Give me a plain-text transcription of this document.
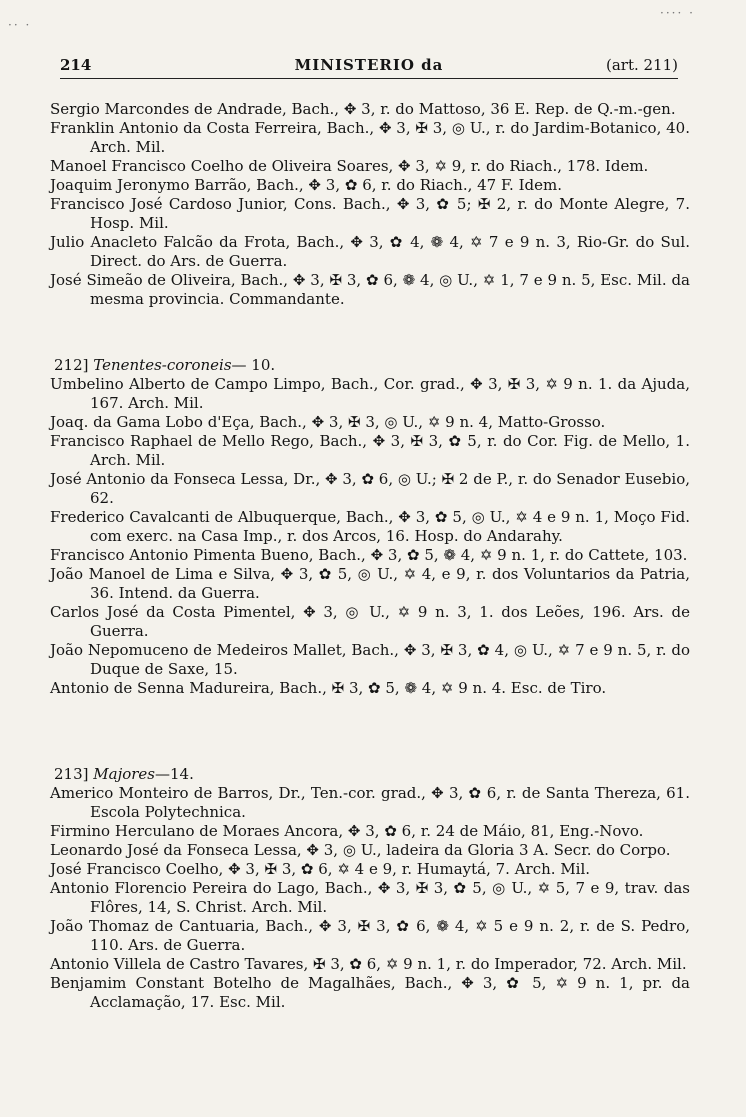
·· ·
···· ·
214	MINISTERIO da	(art. 211)

Sergio Marcondes de Andrade, Bach., ✥ 3, r. do Mattoso, 36 E. Rep. de Q.-m.-gen.

Franklin Antonio da Costa Ferreira, Bach., ✥ 3, ✠ 3, ◎ U., r. do Jardim-Botanico, 40. Arch. Mil.

Manoel Francisco Coelho de Oliveira Soares, ✥ 3, ✡ 9, r. do Riach., 178. Idem.

Joaquim Jeronymo Barrão, Bach., ✥ 3, ✿ 6, r. do Riach., 47 F. Idem.

Francisco José Cardoso Junior, Cons. Bach., ✥ 3, ✿ 5; ✠ 2, r. do Monte Alegre, 7. Hosp. Mil.

Julio Anacleto Falcão da Frota, Bach., ✥ 3, ✿ 4, ❁ 4, ✡ 7 e 9 n. 3, Rio-Gr. do Sul. Direct. do Ars. de Guerra.

José Simeão de Oliveira, Bach., ✥ 3, ✠ 3, ✿ 6, ❁ 4, ◎ U., ✡ 1, 7 e 9 n. 5, Esc. Mil. da mesma provincia. Commandante.

212] Tenentes-coroneis— 10.

Umbelino Alberto de Campo Limpo, Bach., Cor. grad., ✥ 3, ✠ 3, ✡ 9 n. 1. da Ajuda, 167. Arch. Mil.

Joaq. da Gama Lobo d'Eça, Bach., ✥ 3, ✠ 3, ◎ U., ✡ 9 n. 4, Matto-Grosso.

Francisco Raphael de Mello Rego, Bach., ✥ 3, ✠ 3, ✿ 5, r. do Cor. Fig. de Mello, 1. Arch. Mil.

José Antonio da Fonseca Lessa, Dr., ✥ 3, ✿ 6, ◎ U.; ✠ 2 de P., r. do Senador Eusebio, 62.

Frederico Cavalcanti de Albuquerque, Bach., ✥ 3, ✿ 5, ◎ U., ✡ 4 e 9 n. 1, Moço Fid. com exerc. na Casa Imp., r. dos Arcos, 16. Hosp. do Andarahy.

Francisco Antonio Pimenta Bueno, Bach., ✥ 3, ✿ 5, ❁ 4, ✡ 9 n. 1, r. do Cattete, 103.

João Manoel de Lima e Silva, ✥ 3, ✿ 5, ◎ U., ✡ 4, e 9, r. dos Voluntarios da Patria, 36. Intend. da Guerra.

Carlos José da Costa Pimentel, ✥ 3, ◎ U., ✡ 9 n. 3, 1. dos Leões, 196. Ars. de Guerra.

João Nepomuceno de Medeiros Mallet, Bach., ✥ 3, ✠ 3, ✿ 4, ◎ U., ✡ 7 e 9 n. 5, r. do Duque de Saxe, 15.

Antonio de Senna Madureira, Bach., ✠ 3, ✿ 5, ❁ 4, ✡ 9 n. 4. Esc. de Tiro.

213] Majores—14.

Americo Monteiro de Barros, Dr., Ten.-cor. grad., ✥ 3, ✿ 6, r. de Santa Thereza, 61. Escola Polytechnica.

Firmino Herculano de Moraes Ancora, ✥ 3, ✿ 6, r. 24 de Máio, 81, Eng.-Novo.

Leonardo José da Fonseca Lessa, ✥ 3, ◎ U., ladeira da Gloria 3 A. Secr. do Corpo.

José Francisco Coelho, ✥ 3, ✠ 3, ✿ 6, ✡ 4 e 9, r. Humaytá, 7. Arch. Mil.

Antonio Florencio Pereira do Lago, Bach., ✥ 3, ✠ 3, ✿ 5, ◎ U., ✡ 5, 7 e 9, trav. das Flôres, 14, S. Christ. Arch. Mil.

João Thomaz de Cantuaria, Bach., ✥ 3, ✠ 3, ✿ 6, ❁ 4, ✡ 5 e 9 n. 2, r. de S. Pedro, 110. Ars. de Guerra.

Antonio Villela de Castro Tavares, ✠ 3, ✿ 6, ✡ 9 n. 1, r. do Imperador, 72. Arch. Mil.

Benjamim Constant Botelho de Magalhães, Bach., ✥ 3, ✿ 5, ✡ 9 n. 1, pr. da Acclamação, 17. Esc. Mil.
